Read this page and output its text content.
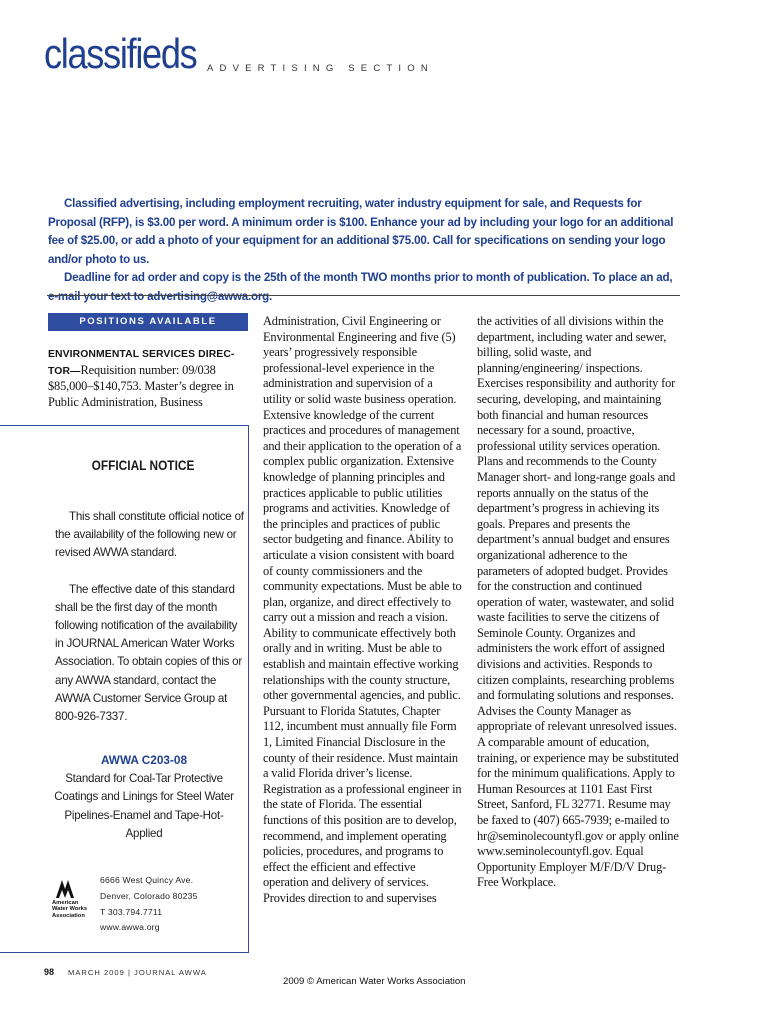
classifieds ADVERTISING SECTION

Classified advertising, including employment recruiting, water industry equipment for sale, and Requests for Proposal (RFP), is $3.00 per word. A minimum order is $100. Enhance your ad by including your logo for an additional fee of $25.00, or add a photo of your equipment for an additional $75.00. Call for specifications on sending your logo and/or photo to us.

Deadline for ad order and copy is the 25th of the month TWO months prior to month of publication. To place an ad, e-mail your text to advertising@awwa.org.

POSITIONS AVAILABLE

ENVIRONMENTAL SERVICES DIREC-TOR—Requisition number: 09/038 $85,000–$140,753. Master’s degree in Public Administration, Business

Administration, Civil Engineering or Environmental Engineering and five (5) years’ progressively responsible professional-level experience in the administration and supervision of a utility or solid waste business operation. Extensive knowledge of the current practices and procedures of management and their application to the operation of a complex public organization. Extensive knowledge of planning principles and practices applicable to public utilities programs and activities. Knowledge of the principles and practices of public sector budgeting and finance. Ability to articulate a vision consistent with board of county commissioners and the community expectations. Must be able to plan, organize, and direct effectively to carry out a mission and reach a vision. Ability to communicate effectively both orally and in writing. Must be able to establish and maintain effective working relationships with the county structure, other governmental agencies, and public. Pursuant to Florida Statutes, Chapter 112, incumbent must annually file Form 1, Limited Financial Disclosure in the county of their residence. Must maintain a valid Florida driver’s license. Registration as a professional engineer in the state of Florida. The essential functions of this position are to develop, recommend, and implement operating policies, procedures, and programs to effect the efficient and effective operation and delivery of services. Provides direction to and supervises

the activities of all divisions within the department, including water and sewer, billing, solid waste, and planning/engineering/ inspections. Exercises responsibility and authority for securing, developing, and maintaining both financial and human resources necessary for a sound, proactive, professional utility services operation. Plans and recommends to the County Manager short- and long-range goals and reports annually on the status of the department’s progress in achieving its goals. Prepares and presents the department’s annual budget and ensures organizational adherence to the parameters of adopted budget. Provides for the construction and continued operation of water, wastewater, and solid waste facilities to serve the citizens of Seminole County. Organizes and administers the work effort of assigned divisions and activities. Responds to citizen complaints, researching problems and formulating solutions and responses. Advises the County Manager as appropriate of relevant unresolved issues. A comparable amount of education, training, or experience may be substituted for the minimum qualifications. Apply to Human Resources at 1101 East First Street, Sanford, FL 32771. Resume may be faxed to (407) 665-7939; e-mailed to hr@seminolecountyfl.gov or apply online www.seminolecountyfl.gov. Equal Opportunity Employer M/F/D/V Drug-Free Workplace.

OFFICIAL NOTICE

This shall constitute official notice of the availability of the following new or revised AWWA standard.

The effective date of this standard shall be the first day of the month following notification of the availability in JOURNAL American Water Works Association. To obtain copies of this or any AWWA standard, contact the AWWA Customer Service Group at 800-926-7337.

AWWA C203-08
Standard for Coal-Tar Protective Coatings and Linings for Steel Water Pipelines-Enamel and Tape-Hot-Applied
American
Water Works
Association
6666 West Quincy Ave.
Denver, Colorado 80235
T 303.794.7711
www.awwa.org
98 MARCH 2009 | JOURNAL AWWA
2009 © American Water Works Association
